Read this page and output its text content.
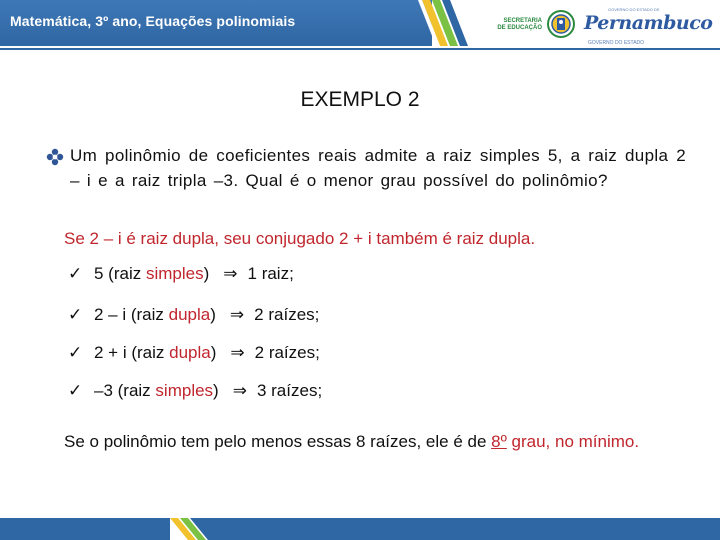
Matemática, 3º ano, Equações polinomiais	SECRETARIA
DE EDUCAÇÃO
GOVERNO DO ESTADO DE
Pernambuco
GOVERNO DO ESTADO
EXEMPLO 2
Um polinômio de coeficientes reais admite a raiz simples 5, a raiz dupla 2 – i e a raiz tripla –3. Qual é o menor grau possível do polinômio?
Se 2 – i é raiz dupla, seu conjugado 2 + i também é raiz dupla.
✓ 5 (raiz simples) ⇒ 1 raiz;
✓ 2 – i (raiz dupla) ⇒ 2 raízes;
✓ 2 + i (raiz dupla) ⇒ 2 raízes;
✓ –3 (raiz simples) ⇒ 3 raízes;
Se o polinômio tem pelo menos essas 8 raízes, ele é de 8º grau, no mínimo.
